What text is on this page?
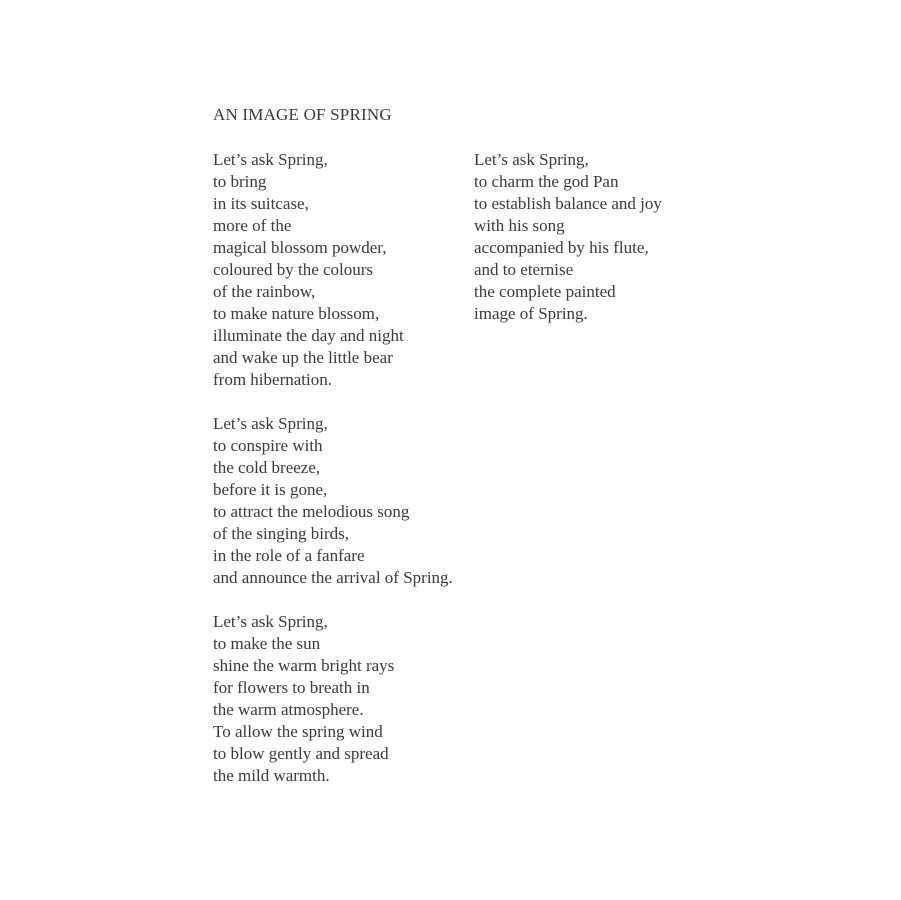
AN IMAGE OF SPRING
Let’s ask Spring,
to bring
in its suitcase,
more of the
magical blossom powder,
coloured by the colours
of the rainbow,
to make nature blossom,
illuminate the day and night
and wake up the little bear
from hibernation.
Let’s ask Spring,
to conspire with
the cold breeze,
before it is gone,
to attract the melodious song
of the singing birds,
in the role of a fanfare
and announce the arrival of Spring.
Let’s ask Spring,
to make the sun
shine the warm bright rays
for flowers to breath in
the warm atmosphere.
To allow the spring wind
to blow gently and spread
the mild warmth.
Let’s ask Spring,
to charm the god Pan
to establish balance and joy
with his song
accompanied by his flute,
and to eternise
the complete painted
image of Spring.
